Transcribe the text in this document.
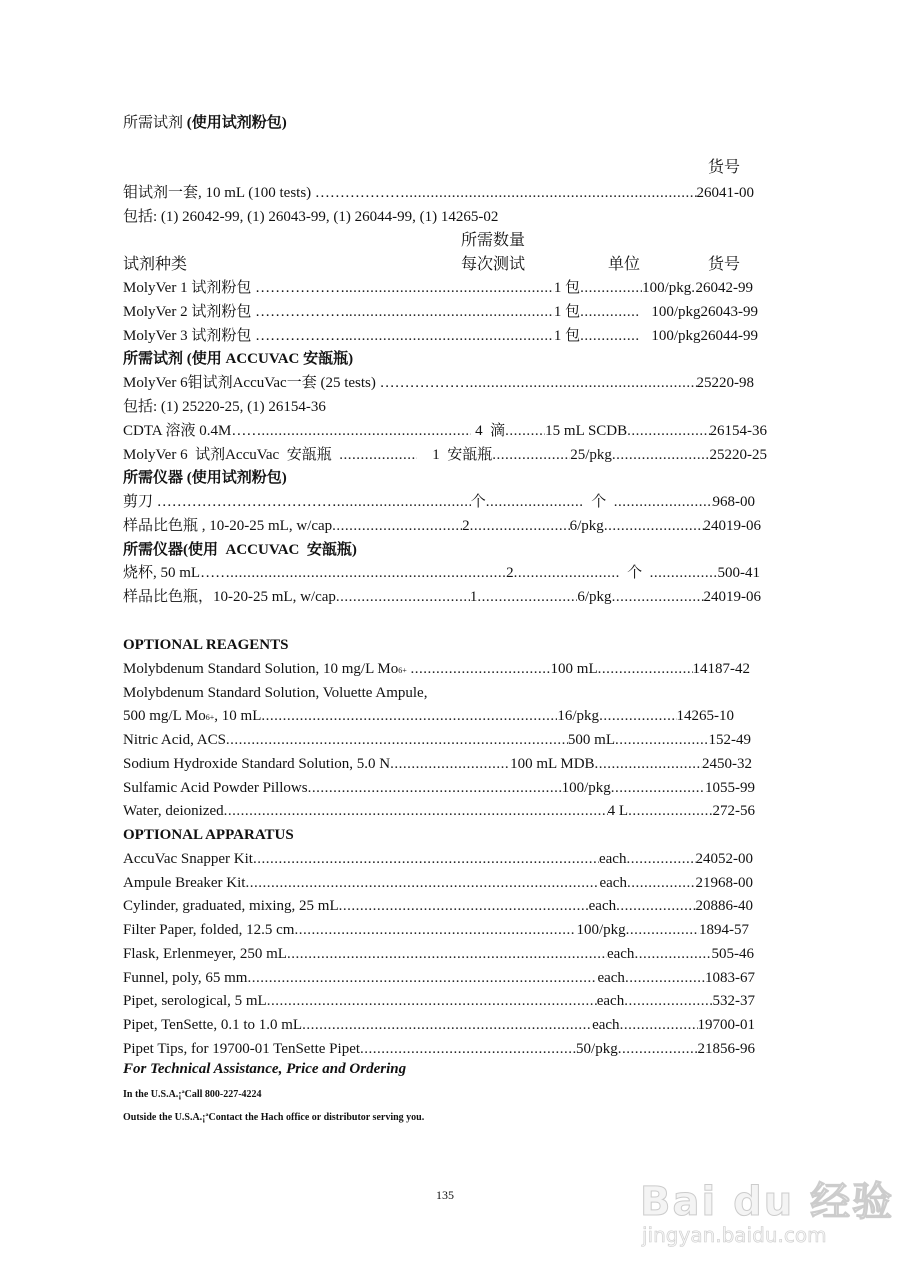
所需试剂 (使用试剂粉包)
货号
钼试剂一套, 10 mL (100 tests) ……………… .....	26041-00
包括: (1) 26042-99, (1) 26043-99, (1) 26044-99, (1) 14265-02
所需数量
试剂种类	每次测试	单位	货号
MolyVer 1 试剂粉包 ………………. .....	1 包 .....	100/pkg ..... 26042-99
MolyVer 2 试剂粉包 ………………. .....	1 包 .....	100/pkg 26043-99
MolyVer 3 试剂粉包 ………………. .....	1 包 .....	100/pkg 26044-99
所需试剂 (使用 ACCUVAC 安瓿瓶)
MolyVer 6钼试剂AccuVac一套 (25 tests) ……………… .....	25220-98
包括: (1) 25220-25, (1) 26154-36
CDTA 溶液 0.4M…… .....	4  滴 .....	15 mL SCDB .....	26154-36
MolyVer 6  试剂AccuVac  安瓿瓶 .....	1  安瓿瓶 .....	25/pkg .....	25220-25
所需仪器 (使用试剂粉包)
剪刀 ……………………………… .....	个 .....	个 .....	968-00
样品比色瓶 , 10-20-25 mL, w/cap .....	2 .....	6/pkg .....	24019-06
所需仪器(使用  ACCUVAC  安瓿瓶)
烧杯, 50 mL…… .....	2 .....	个 .....	500-41
样品比色瓶，10-20-25 mL, w/cap .....	1 .....	6/pkg .....	24019-06
OPTIONAL REAGENTS
Molybdenum Standard Solution, 10 mg/L Mo6+ .....	100 mL .....	14187-42
Molybdenum Standard Solution, Voluette Ampule,
500 mg/L Mo6+, 10 mL .....	16/pkg .....	14265-10
Nitric Acid, ACS .....	500 mL .....	152-49
Sodium Hydroxide Standard Solution, 5.0 N .....	100 mL MDB .....	2450-32
Sulfamic Acid Powder Pillows .....	100/pkg .....	1055-99
Water, deionized .....	4 L .....	272-56
OPTIONAL APPARATUS
AccuVac Snapper Kit .....	each .....	24052-00
Ampule Breaker Kit .....	each .....	21968-00
Cylinder, graduated, mixing, 25 mL .....	each .....	20886-40
Filter Paper, folded, 12.5 cm .....	100/pkg .....	1894-57
Flask, Erlenmeyer, 250 mL .....	each .....	505-46
Funnel, poly, 65 mm .....	each .....	1083-67
Pipet, serological, 5 mL .....	each .....	532-37
Pipet, TenSette, 0.1 to 1.0 mL .....	each .....	19700-01
Pipet Tips, for 19700-01 TenSette Pipet .....	50/pkg .....	21856-96
For Technical Assistance, Price and Ordering
In the U.S.A.¡ªCall 800-227-4224
Outside the U.S.A.¡ªContact the Hach office or distributor serving you.
135	Bai du 经验
jingyan.baidu.com
